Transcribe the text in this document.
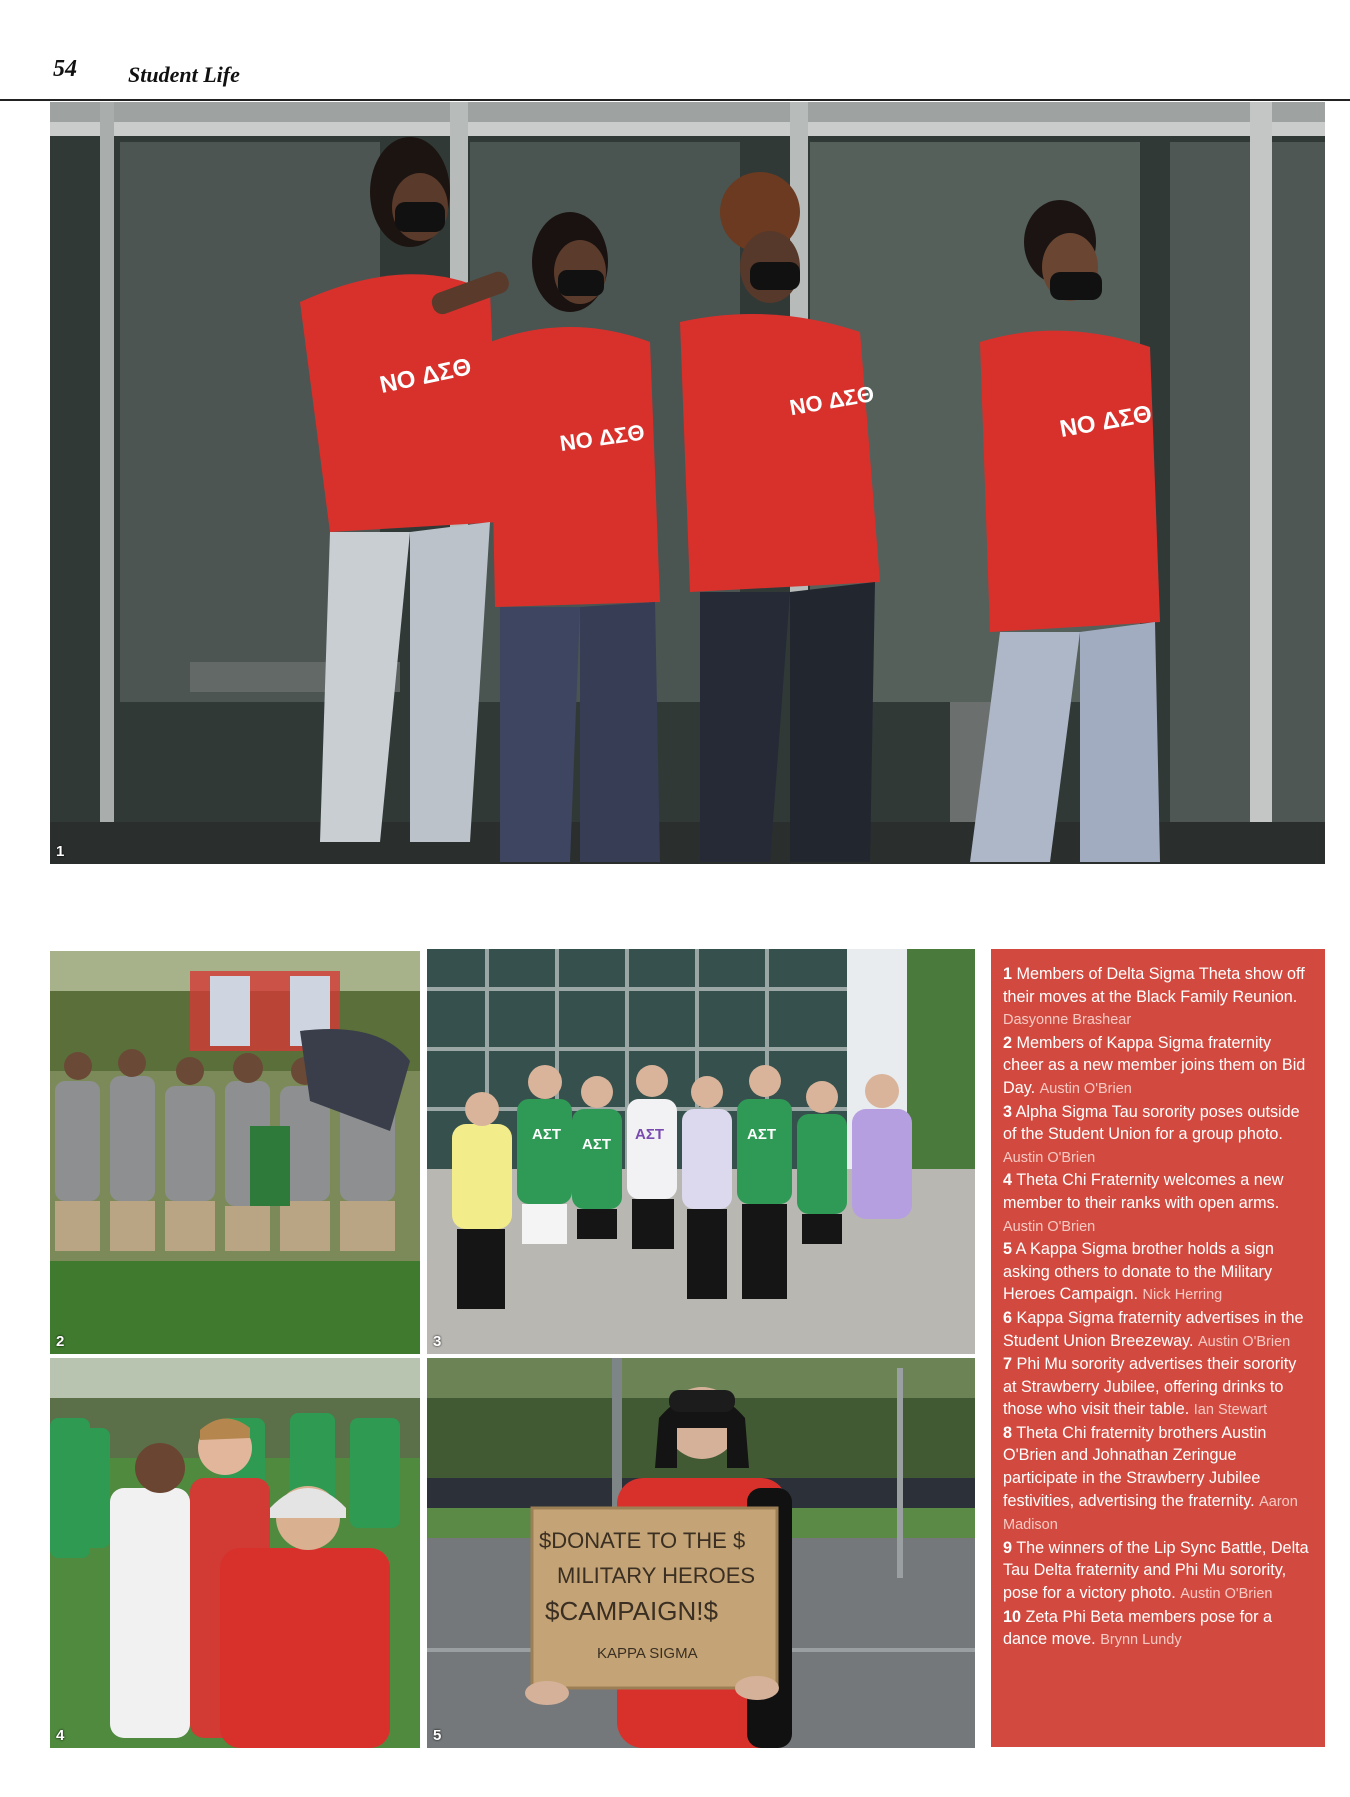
54 Student Life
NO ΔΣΘ
NO ΔΣΘ
NO ΔΣΘ	NO ΔΣΘ
1
2
ΑΣΤ
ΑΣΤ
ΑΣΤ	ΑΣΤ
3
4
$DONATE TO THE $
MILITARY HEROES
$CAMPAIGN!$
KAPPA SIGMA
5

1 Members of Delta Sigma Theta show off their moves at the Black Family Reunion. Dasyonne Brashear

2 Members of Kappa Sigma fraternity cheer as a new member joins them on Bid Day. Austin O'Brien

3 Alpha Sigma Tau sorority poses outside of the Student Union for a group photo. Austin O'Brien

4 Theta Chi Fraternity welcomes a new member to their ranks with open arms. Austin O'Brien

5 A Kappa Sigma brother holds a sign asking others to donate to the Military Heroes Campaign. Nick Herring

6 Kappa Sigma fraternity advertises in the Student Union Breezeway. Austin O'Brien

7 Phi Mu sorority advertises their sorority at Strawberry Jubilee, offering drinks to those who visit their table. Ian Stewart

8 Theta Chi fraternity brothers Austin O'Brien and Johnathan Zeringue participate in the Strawberry Jubilee festivities, advertising the fraternity. Aaron Madison

9 The winners of the Lip Sync Battle, Delta Tau Delta fraternity and Phi Mu sorority, pose for a victory photo. Austin O'Brien

10 Zeta Phi Beta members pose for a dance move. Brynn Lundy
